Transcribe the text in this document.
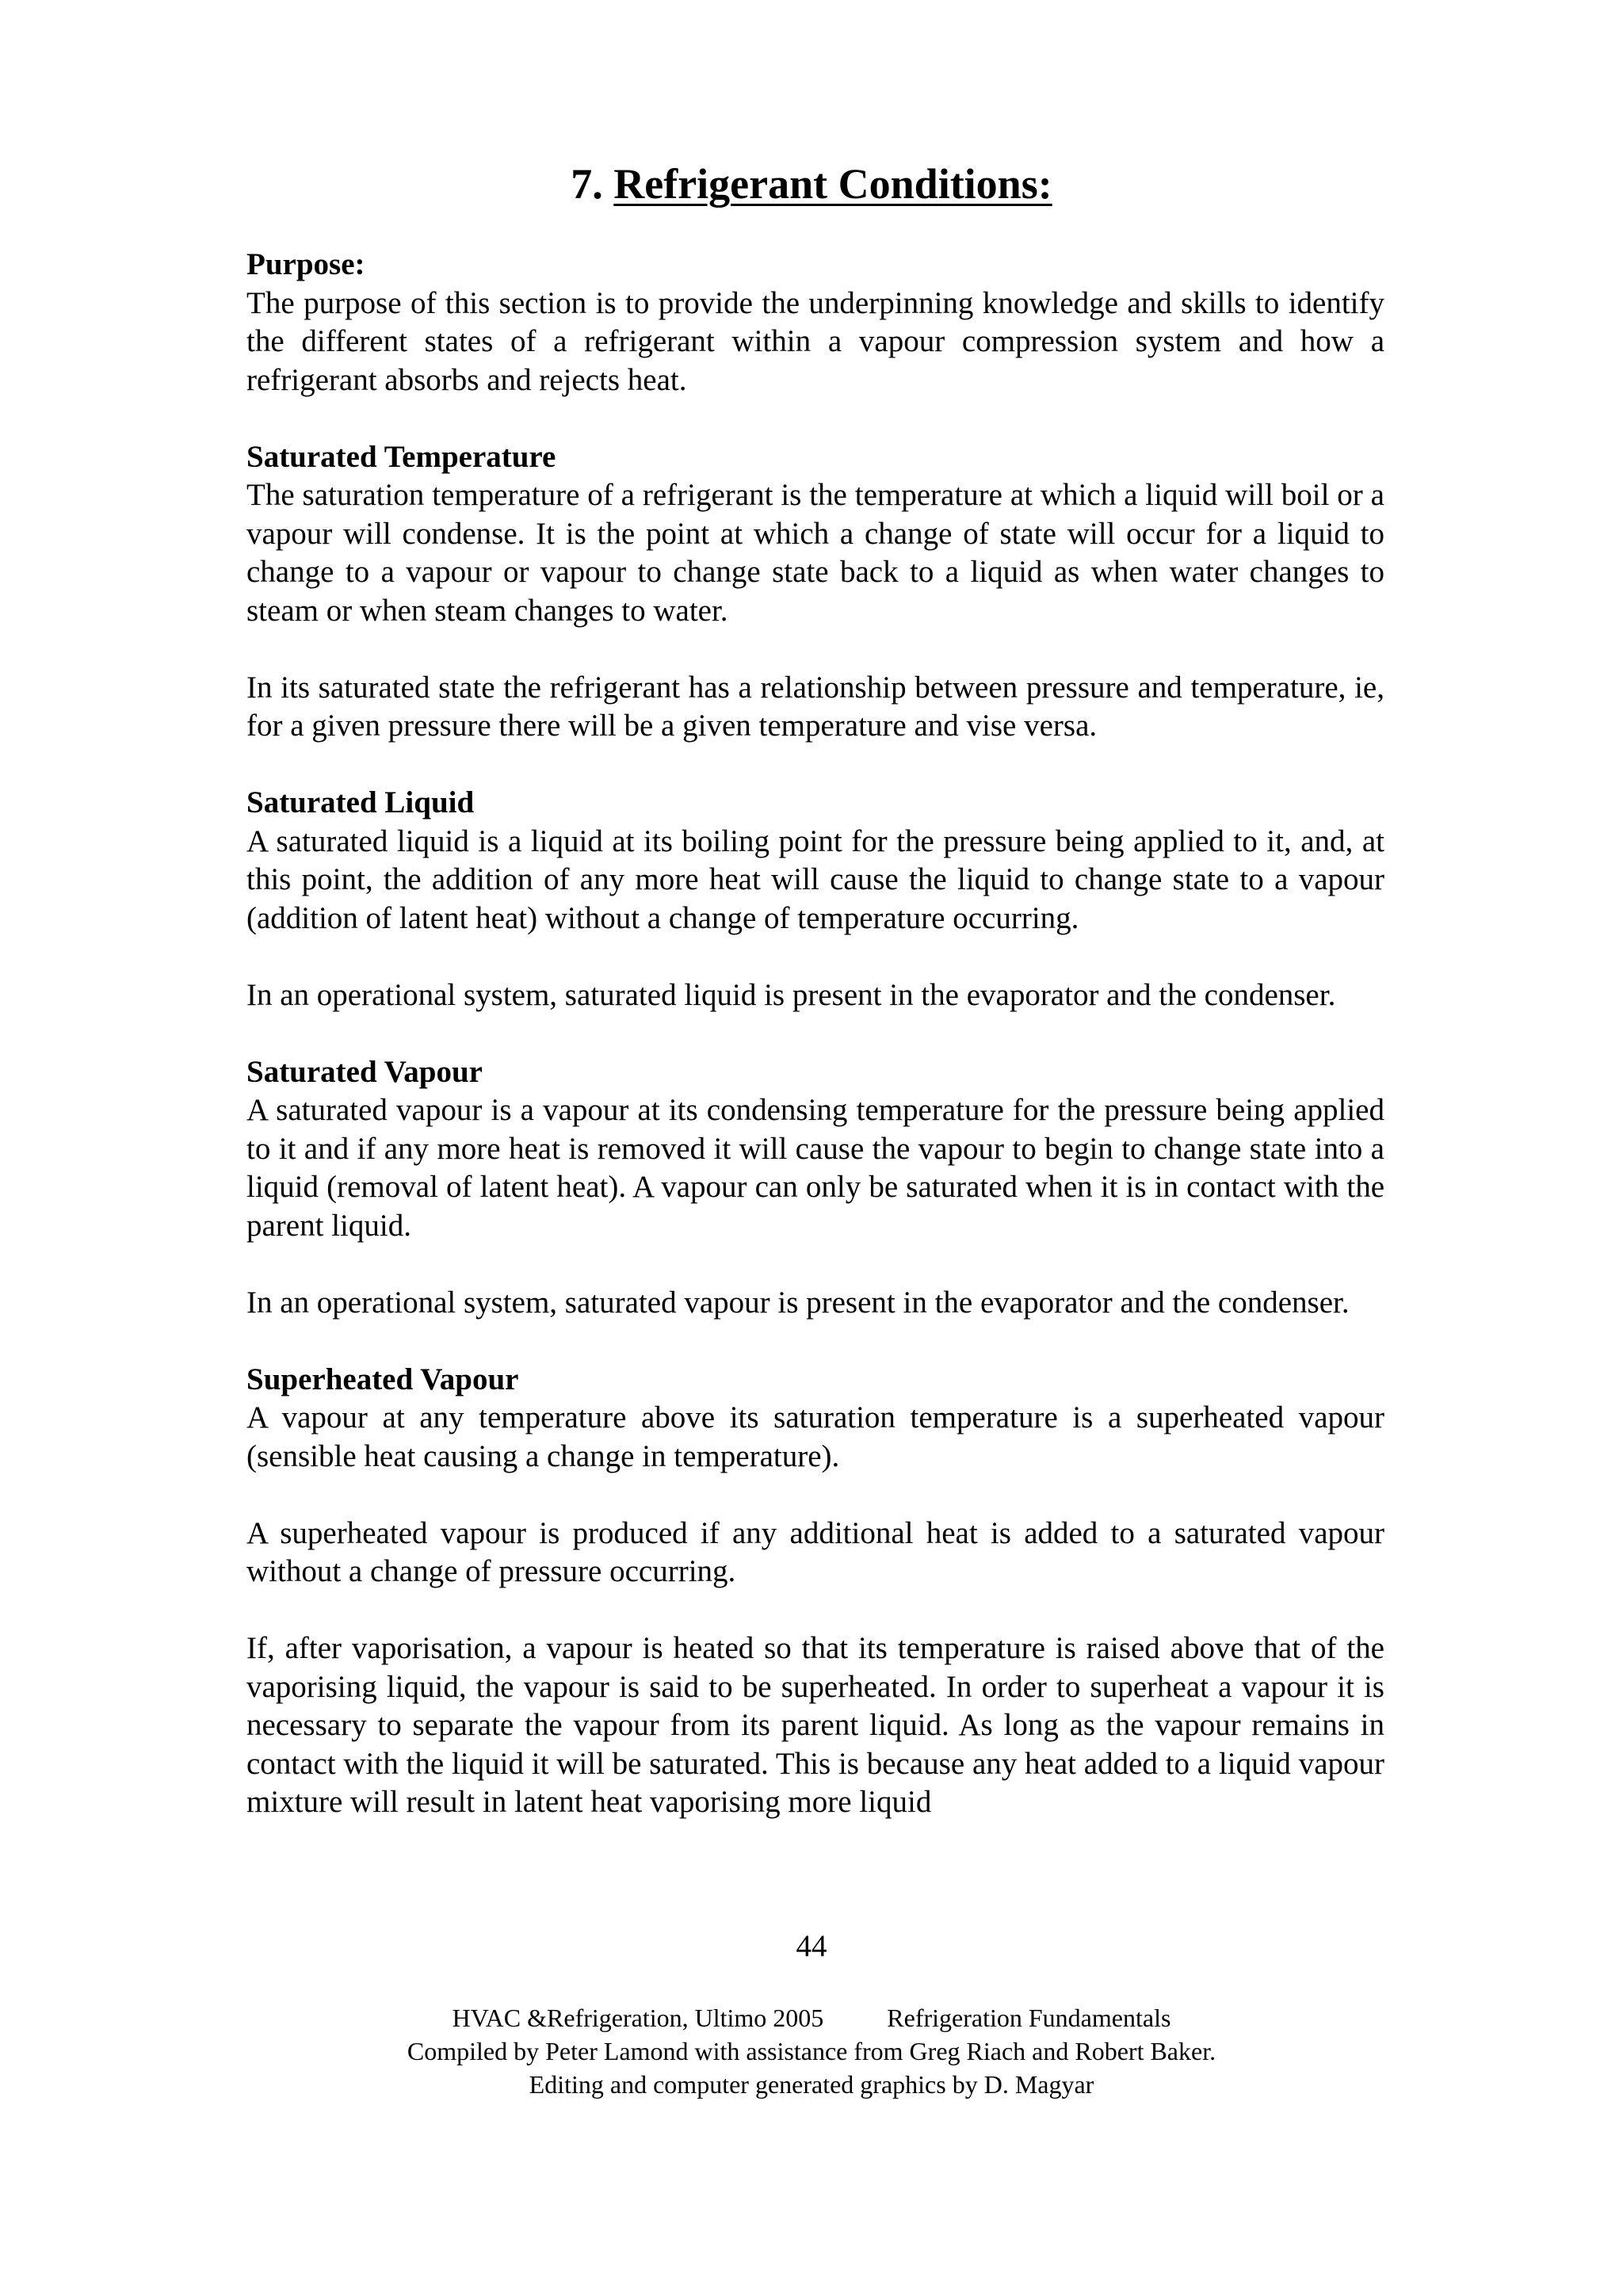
7. Refrigerant Conditions:
Purpose:

The purpose of this section is to provide the underpinning knowledge and skills to identify the different states of a refrigerant within a vapour compression system and how a refrigerant absorbs and rejects heat.

Saturated Temperature

The saturation temperature of a refrigerant is the temperature at which a liquid will boil or a vapour will condense. It is the point at which a change of state will occur for a liquid to change to a vapour or vapour to change state back to a liquid as when water changes to steam or when steam changes to water.

In its saturated state the refrigerant has a relationship between pressure and temperature, ie, for a given pressure there will be a given temperature and vise versa.

Saturated Liquid

A saturated liquid is a liquid at its boiling point for the pressure being applied to it, and, at this point, the addition of any more heat will cause the liquid to change state to a vapour (addition of latent heat) without a change of temperature occurring.

In an operational system, saturated liquid is present in the evaporator and the condenser.

Saturated Vapour

A saturated vapour is a vapour at its condensing temperature for the pressure being applied to it and if any more heat is removed it will cause the vapour to begin to change state into a liquid (removal of latent heat). A vapour can only be saturated when it is in contact with the parent liquid.

In an operational system, saturated vapour is present in the evaporator and the condenser.

Superheated Vapour

A vapour at any temperature above its saturation temperature is a superheated vapour (sensible heat causing a change in temperature).

A superheated vapour is produced if any additional heat is added to a saturated vapour without a change of pressure occurring.

If, after vaporisation, a vapour is heated so that its temperature is raised above that of the vaporising liquid, the vapour is said to be superheated. In order to superheat a vapour it is necessary to separate the vapour from its parent liquid. As long as the vapour remains in contact with the liquid it will be saturated. This is because any heat added to a liquid vapour mixture will result in latent heat vaporising more liquid

44
HVAC &Refrigeration, Ultimo 2005	Refrigeration Fundamentals
Compiled by Peter Lamond with assistance from Greg Riach and Robert Baker.
Editing and computer generated graphics by D. Magyar
